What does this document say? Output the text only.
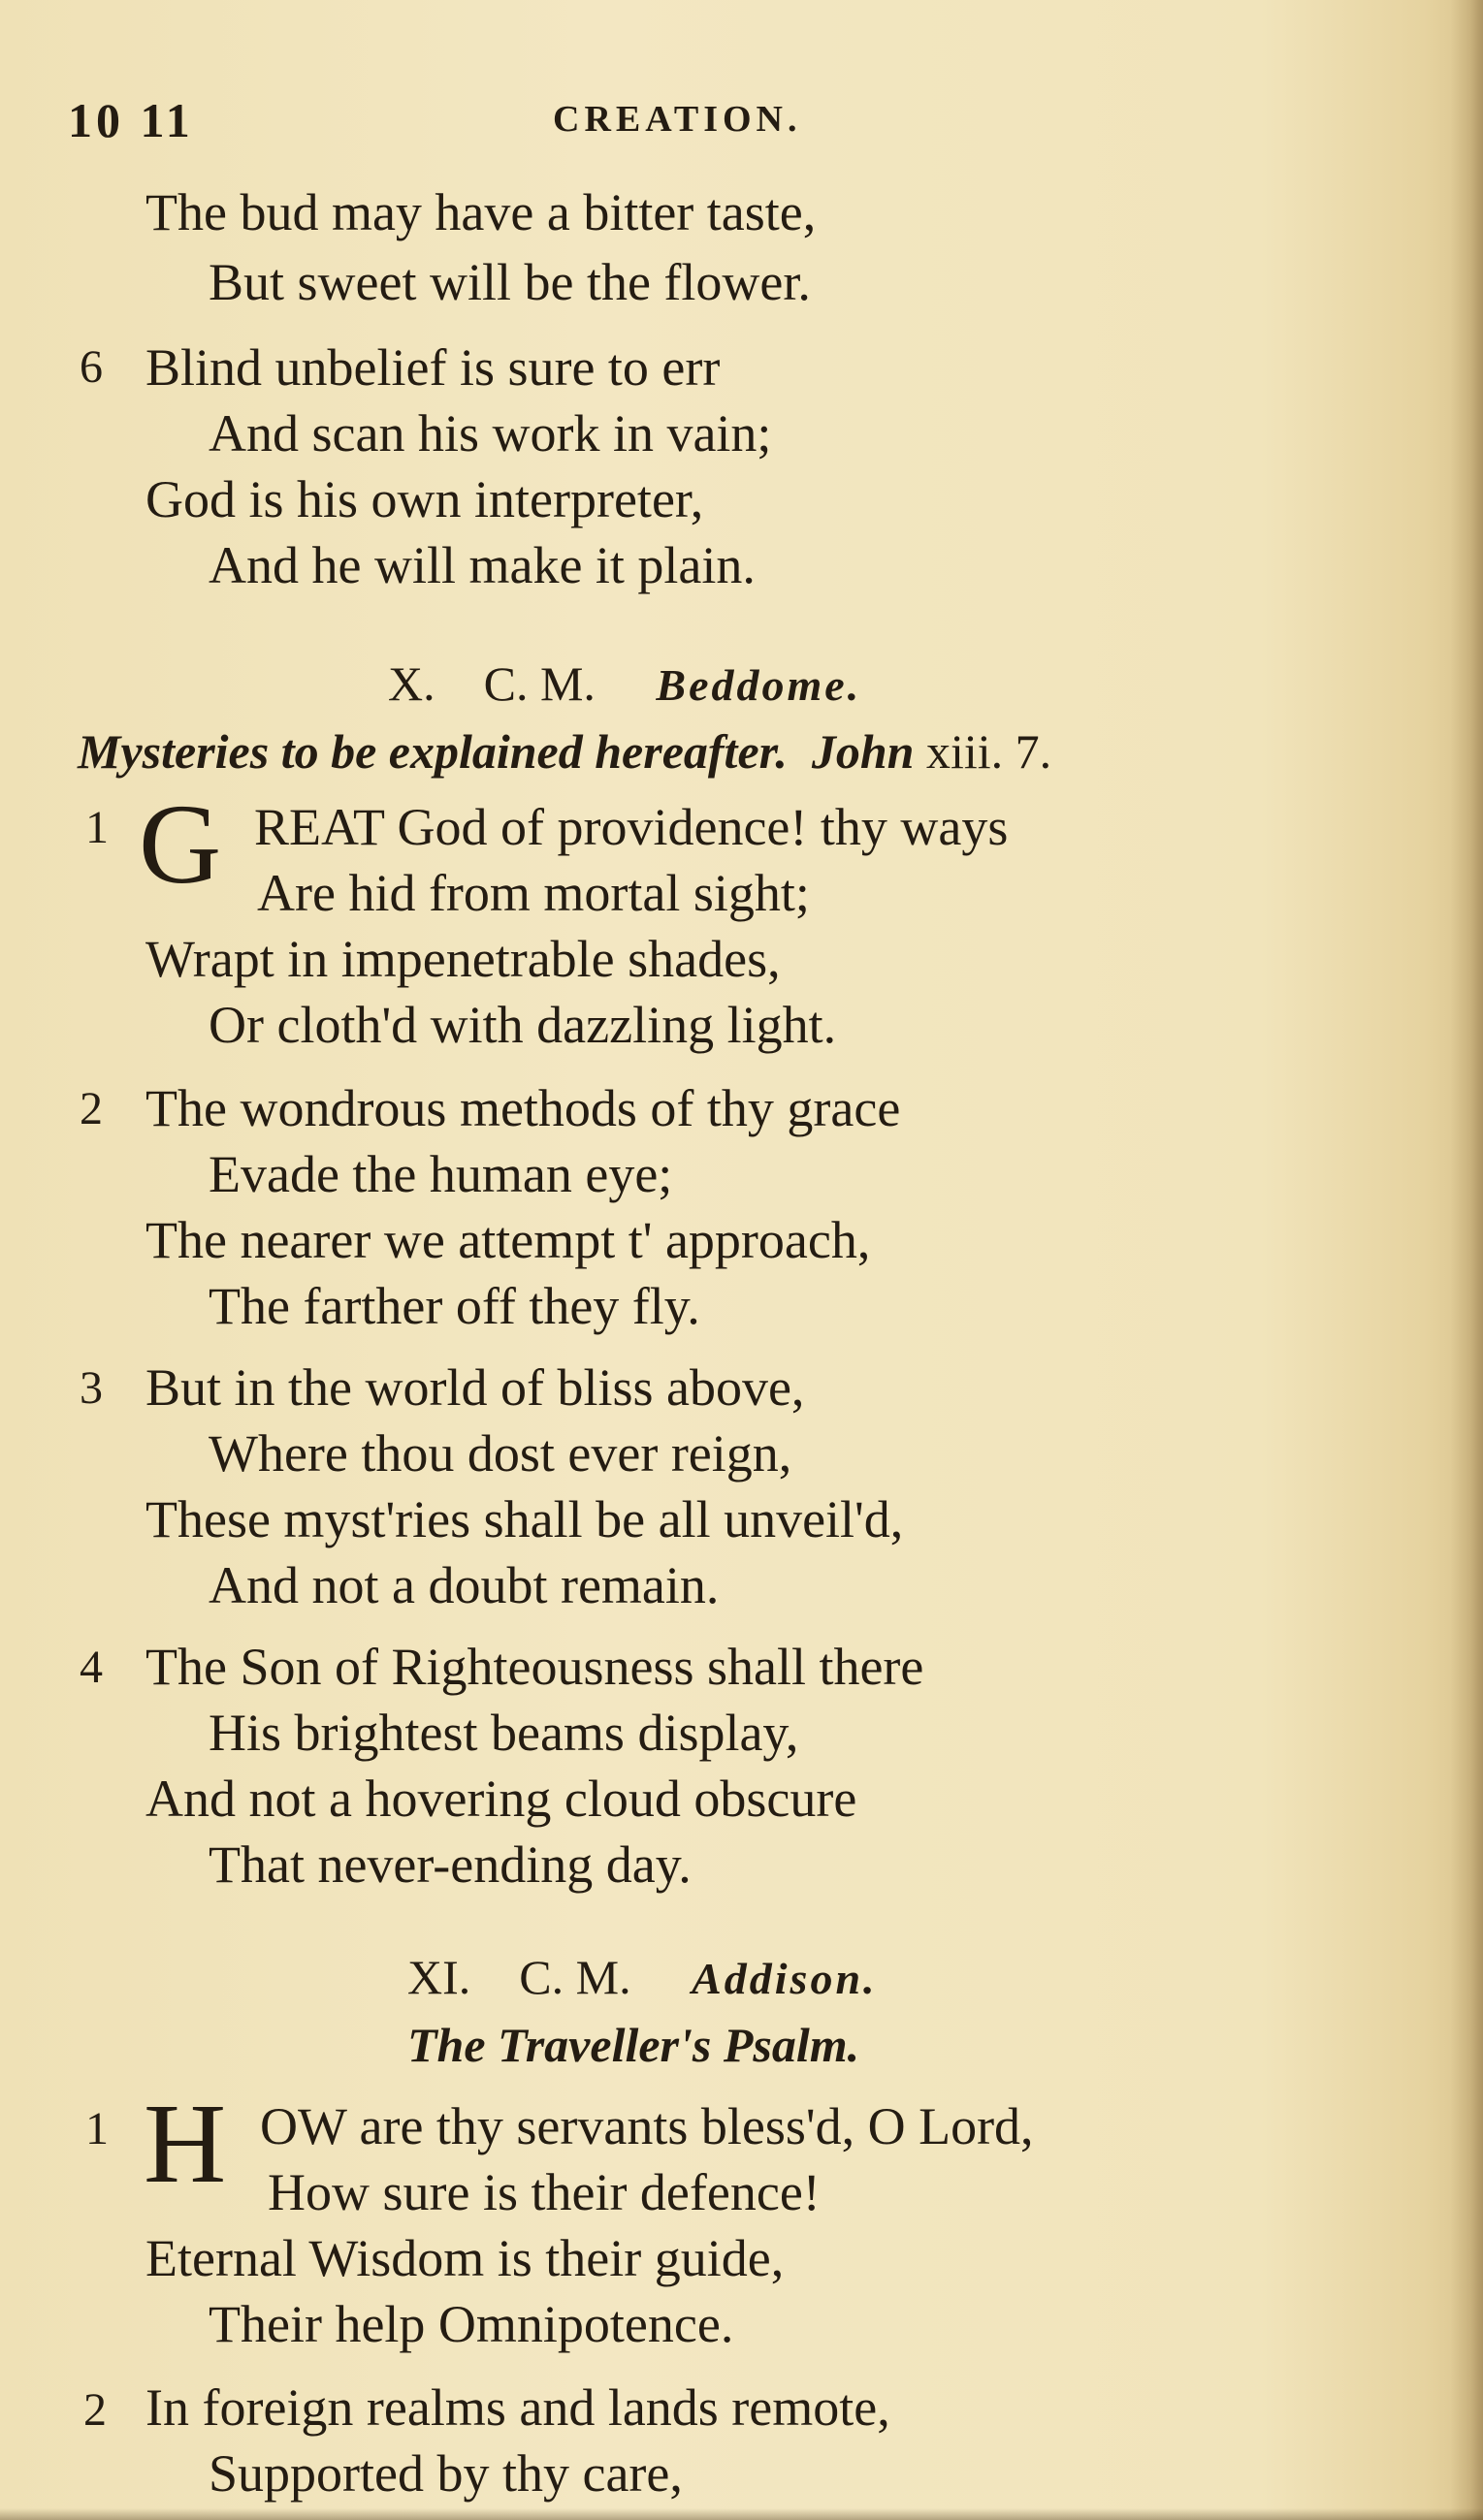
10 11	CREATION.
The bud may have a bitter taste,
But sweet will be the flower.
6 Blind unbelief is sure to err
And scan his work in vain;
God is his own interpreter,
And he will make it plain.
X. C. M. Beddome.
Mysteries to be explained hereafter. John xiii. 7.
1 G REAT God of providence! thy ways
Are hid from mortal sight;
Wrapt in impenetrable shades,
Or cloth'd with dazzling light.
2 The wondrous methods of thy grace
Evade the human eye;
The nearer we attempt t' approach,
The farther off they fly.
3 But in the world of bliss above,
Where thou dost ever reign,
These myst'ries shall be all unveil'd,
And not a doubt remain.
4 The Son of Righteousness shall there
His brightest beams display,
And not a hovering cloud obscure
That never-ending day.
XI. C. M. Addison.
The Traveller's Psalm.
1 H OW are thy servants bless'd, O Lord,
How sure is their defence!
Eternal Wisdom is their guide,
Their help Omnipotence.
2 In foreign realms and lands remote,
Supported by thy care,
